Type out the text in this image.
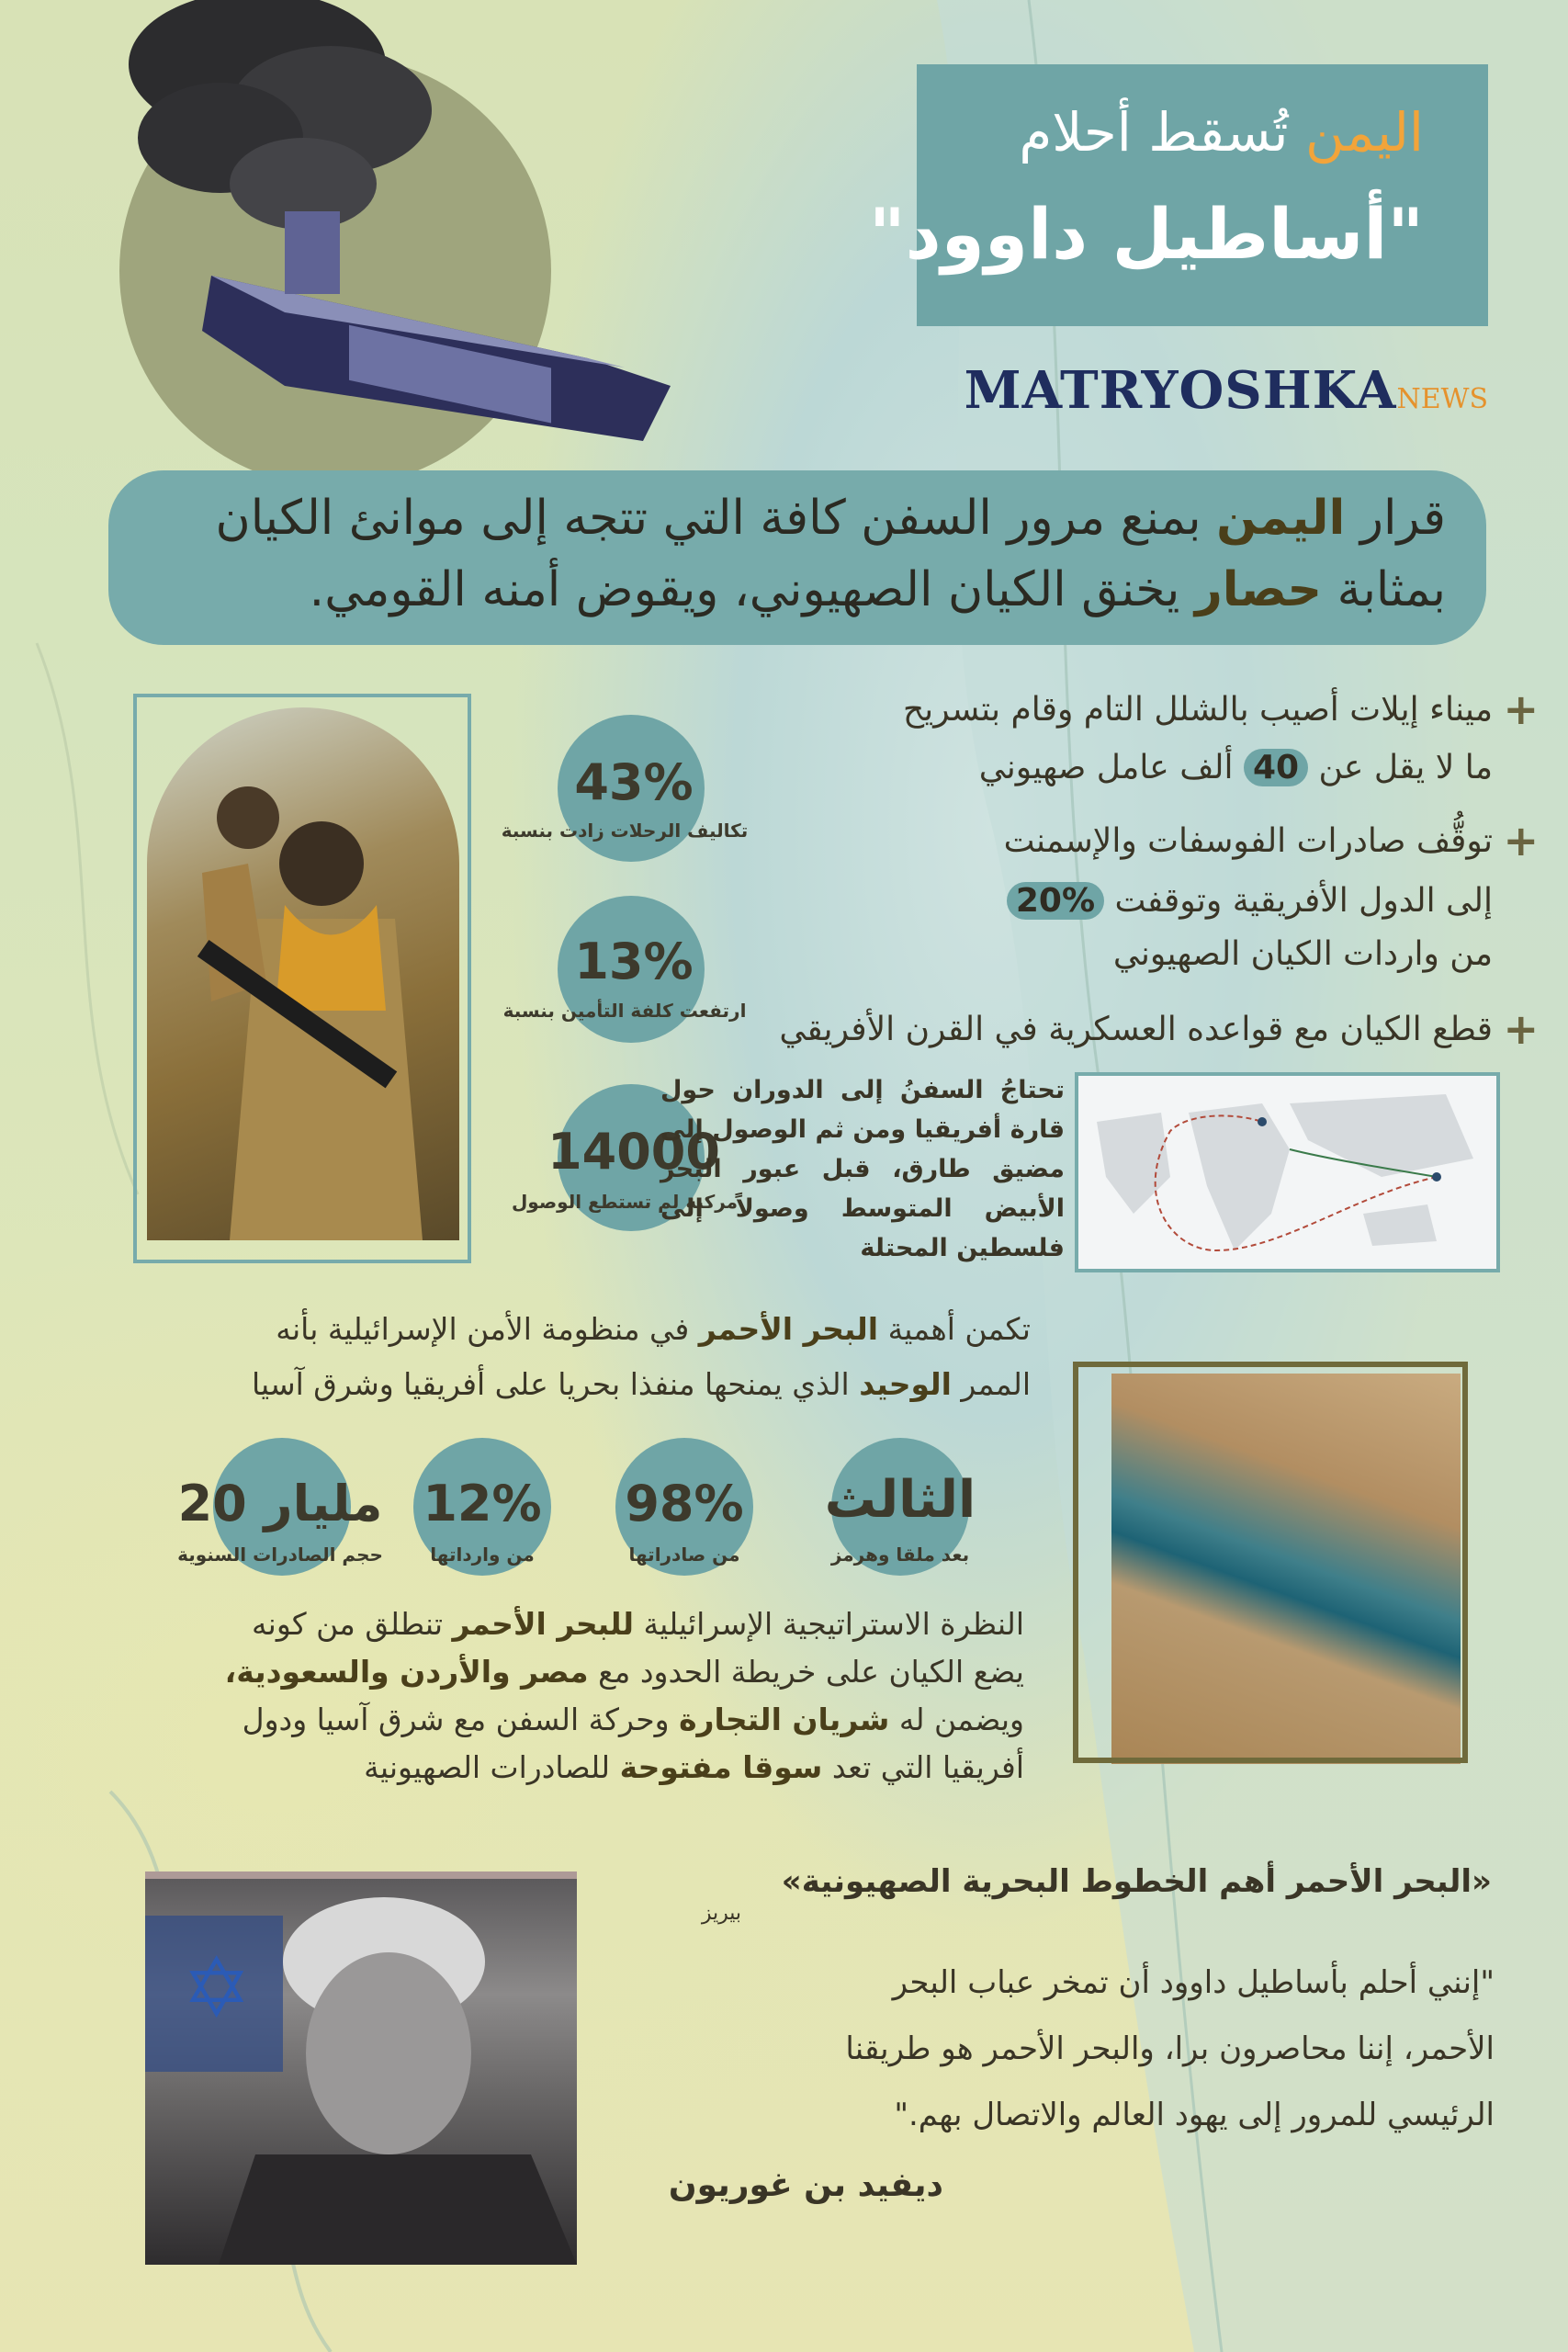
اليمن تُسقط أحلام
"أساطيل داوود"
MATRYOSHKANEWS
قرار اليمن بمنع مرور السفن كافة التي تتجه إلى موانئ الكيان
بمثابة حصار يخنق الكيان الصهيوني، ويقوض أمنه القومي.
43%
تكاليف الرحلات زادت بنسبة
13%
ارتفعت كلفة التأمين بنسبة
14000
مركبة لم تستطع الوصول
+
ميناء إيلات أصيب بالشلل التام وقام بتسريح
ما لا يقل عن 40 ألف عامل صهيوني
+
توقُّف صادرات الفوسفات والإسمنت
إلى الدول الأفريقية وتوقفت 20%
من واردات الكيان الصهيوني
+
قطع الكيان مع قواعده العسكرية في القرن الأفريقي
تحتاجُ السفنُ إلى الدوران حول قارة أفريقيا ومن ثم الوصول إلى مضيق طارق، قبل عبور البحر الأبيض المتوسط وصولاً إلى فلسطين المحتلة
تكمن أهمية البحر الأحمر في منظومة الأمن الإسرائيلية بأنه
الممر الوحيد الذي يمنحها منفذا بحريا على أفريقيا وشرق آسيا
الثالث
بعد ملقا وهرمز
98%
من صادراتها
12%
من وارداتها
20 مليار
حجم الصادرات السنوية
النظرة الاستراتيجية الإسرائيلية للبحر الأحمر تنطلق من كونه
يضع الكيان على خريطة الحدود مع مصر والأردن والسعودية،
ويضمن له شريان التجارة وحركة السفن مع شرق آسيا ودول
أفريقيا التي تعد سوقا مفتوحة للصادرات الصهيونية
✡
«البحر الأحمر أهم الخطوط البحرية الصهيونية»
بيريز
"إنني أحلم بأساطيل داوود أن تمخر عباب البحر
الأحمر، إننا محاصرون برا، والبحر الأحمر هو طريقنا
الرئيسي للمرور إلى يهود العالم والاتصال بهم."
ديفيد بن غوريون
